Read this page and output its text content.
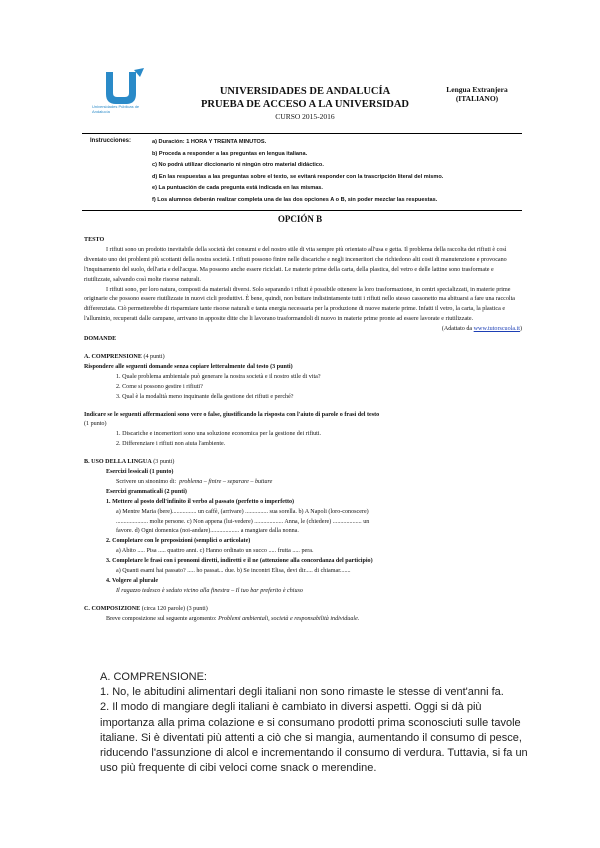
Universidades Públicas de Andalucía
UNIVERSIDADES DE ANDALUCÍA
PRUEBA DE ACCESO A LA UNIVERSIDAD
CURSO 2015-2016
Lengua Extranjera
(ITALIANO)
Instrucciones:	a) Duración: 1 HORA Y TREINTA MINUTOS.
b) Proceda a responder a las preguntas en lengua italiana.
c) No podrá utilizar diccionario ni ningún otro material didáctico.
d) En las respuestas a las preguntas sobre el texto, se evitará responder con la trascripción literal del mismo.
e) La puntuación de cada pregunta está indicada en las mismas.
f) Los alumnos deberán realizar completa una de las dos opciones A o B, sin poder mezclar las respuestas.
OPCIÓN B

TESTO

I rifiuti sono un prodotto inevitabile della società dei consumi e del nostro stile di vita sempre più orientato all'usa e getta. Il problema della raccolta dei rifiuti è così diventato uno dei problemi più scottanti della nostra società. I rifiuti possono finire nelle discariche e negli inceneritori che richiedono alti costi di manutenzione e provocano l'inquinamento del suolo, dell'aria e dell'acqua. Ma possono anche essere riciclati. Le materie prime della carta, della plastica, del vetro e delle lattine sono trasformate e riutilizzate, salvando così molte risorse naturali.

I rifiuti sono, per loro natura, composti da materiali diversi. Solo separando i rifiuti è possibile ottenere la loro trasformazione, in centri specializzati, in materie prime originarie che possono essere riutilizzate in nuovi cicli produttivi. È bene, quindi, non buttare indistintamente tutti i rifiuti nello stesso cassonetto ma abituarsi a fare una raccolta differenziata. Ciò permetterebbe di risparmiare tante risorse naturali e tanta energia necessaria per la produzione di nuove materie prime. Infatti il vetro, la carta, la plastica e l'alluminio, recuperati dalle campane, arrivano in apposite ditte che li lavorano trasformandoli di nuovo in materie prime pronte ad essere lavorate e riutilizzate.

(Adattato da www.tutorscuola.it)

DOMANDE

A. COMPRENSIONE (4 punti)

Rispondere alle seguenti domande senza copiare letteralmente dal testo (3 punti)

1. Quale problema ambientale può generare la nostra società e il nostro stile di vita?

2. Come si possono gestire i rifiuti?

3. Qual è la modalità meno inquinante della gestione dei rifiuti e perché?

Indicare se le seguenti affermazioni sono vere o false, giustificando la risposta con l'aiuto di parole o frasi del testo

(1 punto)

1. Discariche e inceneritori sono una soluzione economica per la gestione dei rifiuti.

2. Differenziare i rifiuti non aiuta l'ambiente.

B. USO DELLA LINGUA (3 punti)

Esercizi lessicali (1 punto)

Scrivere un sinonimo di: problema – finire – separare – buttare

Esercizi grammaticali (2 punti)

1. Mettere al posto dell'infinito il verbo al passato (perfetto o imperfetto)

a) Mentre Maria (bere)................ un caffè, (arrivare) ............... sua sorella. b) A Napoli (loro-conoscere)

..................... molte persone. c) Non appena (lui-vedere) ................... Anna, le (chiedere) ................... un

favore. d) Ogni domenica (noi-andare)................... a mangiare dalla nonna.

2. Completare con le preposizioni (semplici o articolate)

a) Abito ..... Pisa ..... quattro anni. c) Hanno ordinato un succo ..... frutta ..... pera.

3. Completare le frasi con i pronomi diretti, indiretti e il ne (attenzione alla concordanza del participio)

a) Quanti esami hai passato? ..... ho passat... due. b) Se incontri Elisa, devi dir..... di chiamar.......

4. Volgere al plurale

Il ragazzo tedesco è seduto vicino alla finestra – Il tuo bar preferito è chiuso

C. COMPOSIZIONE (circa 120 parole) (3 punti)

Breve composizione sul seguente argomento: Problemi ambientali, società e responsabilità individuale.

A. COMPRENSIONE:

1. No, le abitudini alimentari degli italiani non sono rimaste le stesse di vent'anni fa.

2. Il modo di mangiare degli italiani è cambiato in diversi aspetti. Oggi si dà più importanza alla prima colazione e si consumano prodotti prima sconosciuti sulle tavole italiane. Si è diventati più attenti a ciò che si mangia, aumentando il consumo di pesce, riducendo l'assunzione di alcol e incrementando il consumo di verdura. Tuttavia, si fa un uso più frequente di cibi veloci come snack o merendine.
